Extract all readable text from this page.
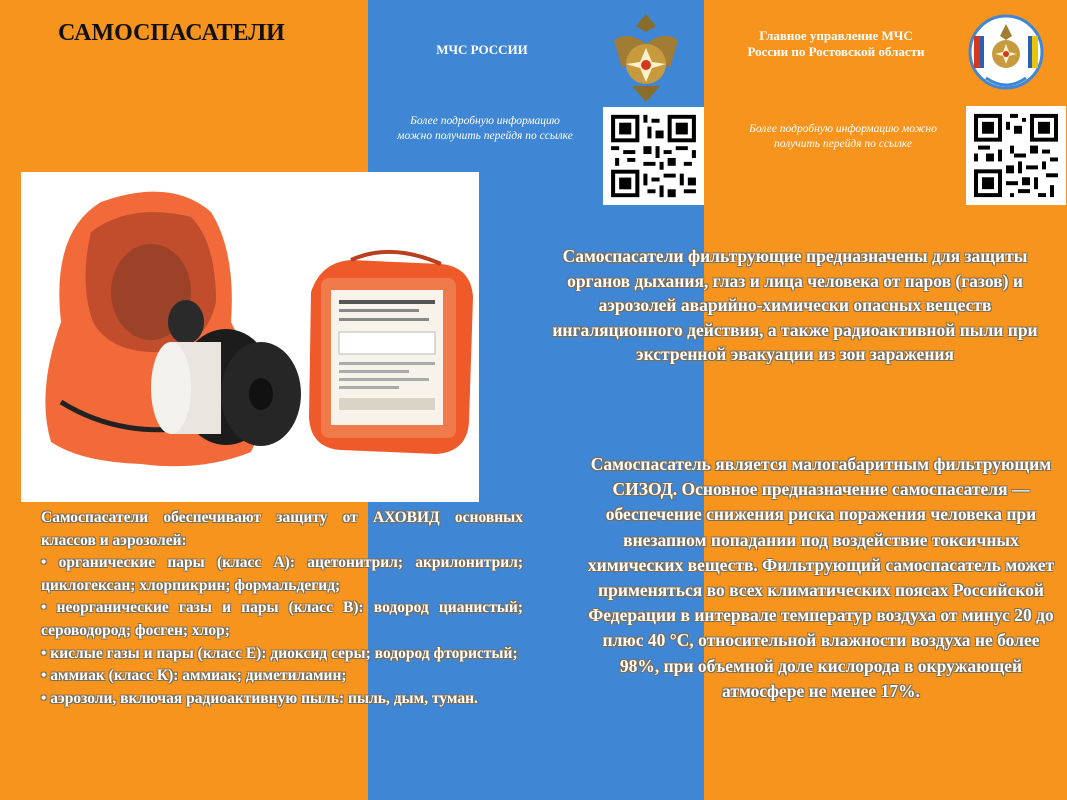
САМОСПАСАТЕЛИ
МЧС РОССИИ
Более подробную информацию можно получить перейдя по ссылке
Главное управление МЧС
России по Ростовской области
Более подробную информацию можно получить перейдя по ссылке
Самоспасатели фильтрующие предназначены для защиты органов дыхания, глаз и лица человека от паров (газов) и аэрозолей аварийно-химически опасных веществ ингаляционного действия, а также радиоактивной пыли при экстренной эвакуации из зон заражения
Самоспасатель является малогабаритным фильтрующим СИЗОД. Основное предназначение самоспасателя — обеспечение снижения риска поражения человека при внезапном попадании под воздействие токсичных химических веществ. Фильтрующий самоспасатель может применяться во всех климатических поясах Российской Федерации в интервале температур воздуха от минус 20 до плюс 40 °С, относительной влажности воздуха не более 98%, при объемной доле кислорода в окружающей атмосфере не менее 17%.

Самоспасатели обеспечивают защиту от АХОВИД основных классов и аэрозолей:

• органические пары (класс А): ацетонитрил; акрилонитрил; циклогексан; хлорпикрин; формальдегид;

• неорганические газы и пары (класс В): водород цианистый; сероводород; фосген; хлор;

• кислые газы и пары (класс Е): диоксид серы; водород фтористый;

• аммиак (класс К): аммиак; диметиламин;

• аэрозоли, включая радиоактивную пыль: пыль, дым, туман.
